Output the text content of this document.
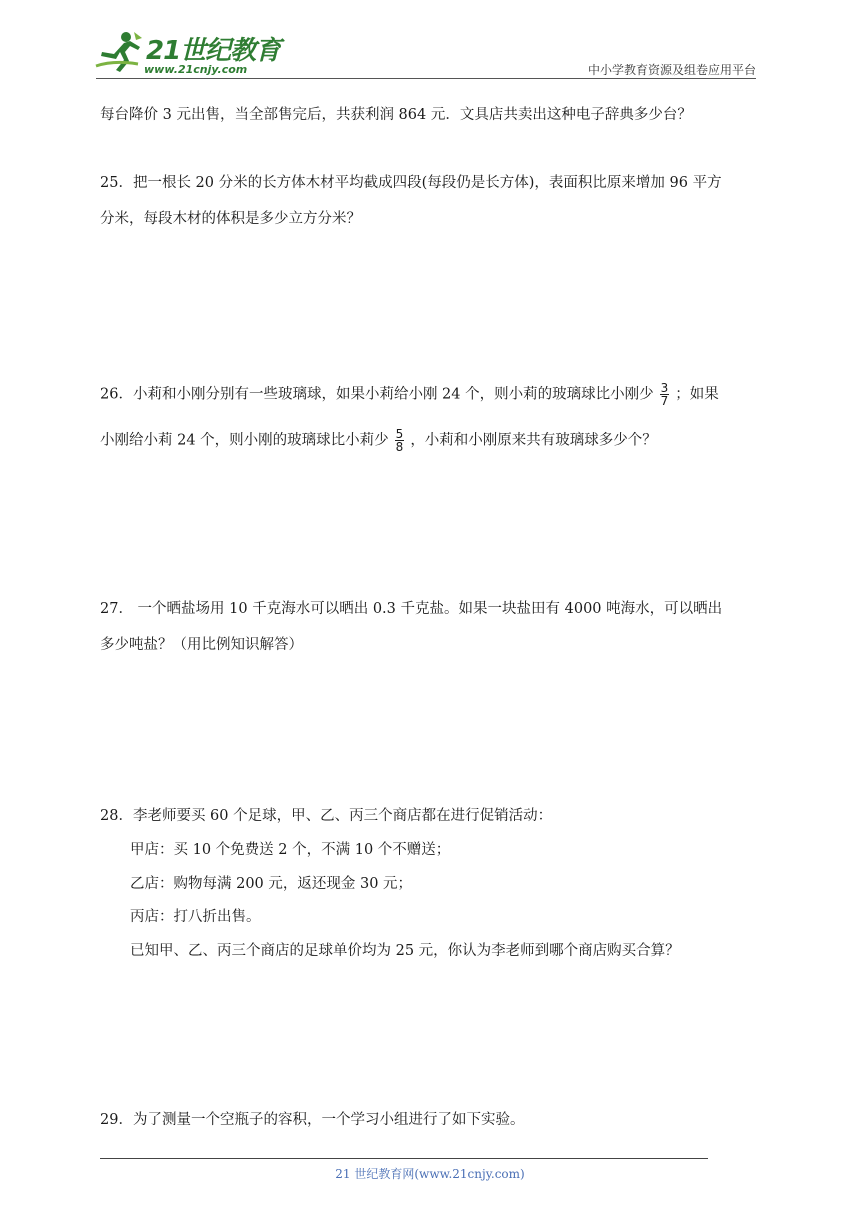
21世纪教育
www.21cnjy.com	中小学教育资源及组卷应用平台
每台降价 3 元出售，当全部售完后，共获利润 864 元．文具店共卖出这种电子辞典多少台？
25．把一根长 20 分米的长方体木材平均截成四段(每段仍是长方体)，表面积比原来增加 96 平方
分米，每段木材的体积是多少立方分米？
26．小莉和小刚分别有一些玻璃球，如果小莉给小刚 24 个，则小莉的玻璃球比小刚少 $\frac{3}{7}$ ；如果
小刚给小莉 24 个，则小刚的玻璃球比小莉少 $\frac{5}{8}$ ，小莉和小刚原来共有玻璃球多少个？
27． 一个晒盐场用 10 千克海水可以晒出 0.3 千克盐。如果一块盐田有 4000 吨海水，可以晒出
多少吨盐？（用比例知识解答）
28．李老师要买 60 个足球，甲、乙、丙三个商店都在进行促销活动：
甲店：买 10 个免费送 2 个，不满 10 个不赠送；
乙店：购物每满 200 元，返还现金 30 元；
丙店：打八折出售。
已知甲、乙、丙三个商店的足球单价均为 25 元，你认为李老师到哪个商店购买合算？
29．为了测量一个空瓶子的容积，一个学习小组进行了如下实验。
21 世纪教育网(www.21cnjy.com)
